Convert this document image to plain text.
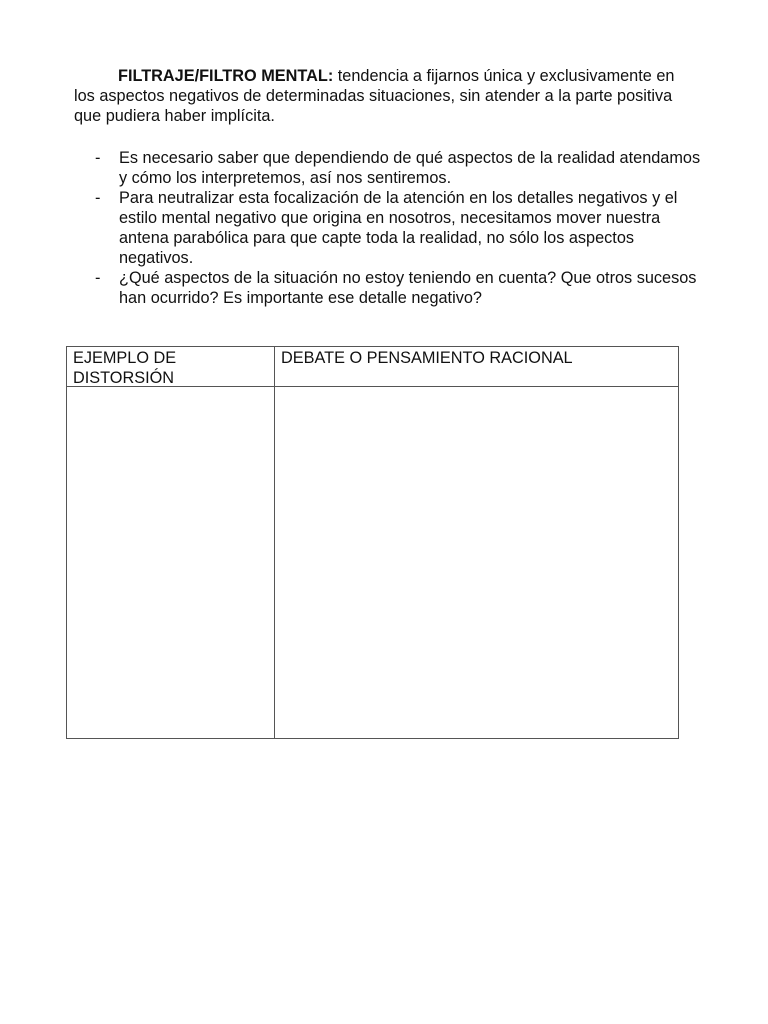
FILTRAJE/FILTRO MENTAL: tendencia a fijarnos única y exclusivamente en los aspectos negativos de determinadas situaciones, sin atender a la parte positiva que pudiera haber implícita.

- Es necesario saber que dependiendo de qué aspectos de la realidad atendamos y cómo los interpretemos, así nos sentiremos.
- Para neutralizar esta focalización de la atención en los detalles negativos y el estilo mental negativo que origina en nosotros, necesitamos mover nuestra antena parabólica para que capte toda la realidad, no sólo los aspectos negativos.
- ¿Qué aspectos de la situación no estoy teniendo en cuenta? Que otros sucesos han ocurrido? Es importante ese detalle negativo?
EJEMPLO DE DISTORSIÓN
DEBATE O PENSAMIENTO RACIONAL
